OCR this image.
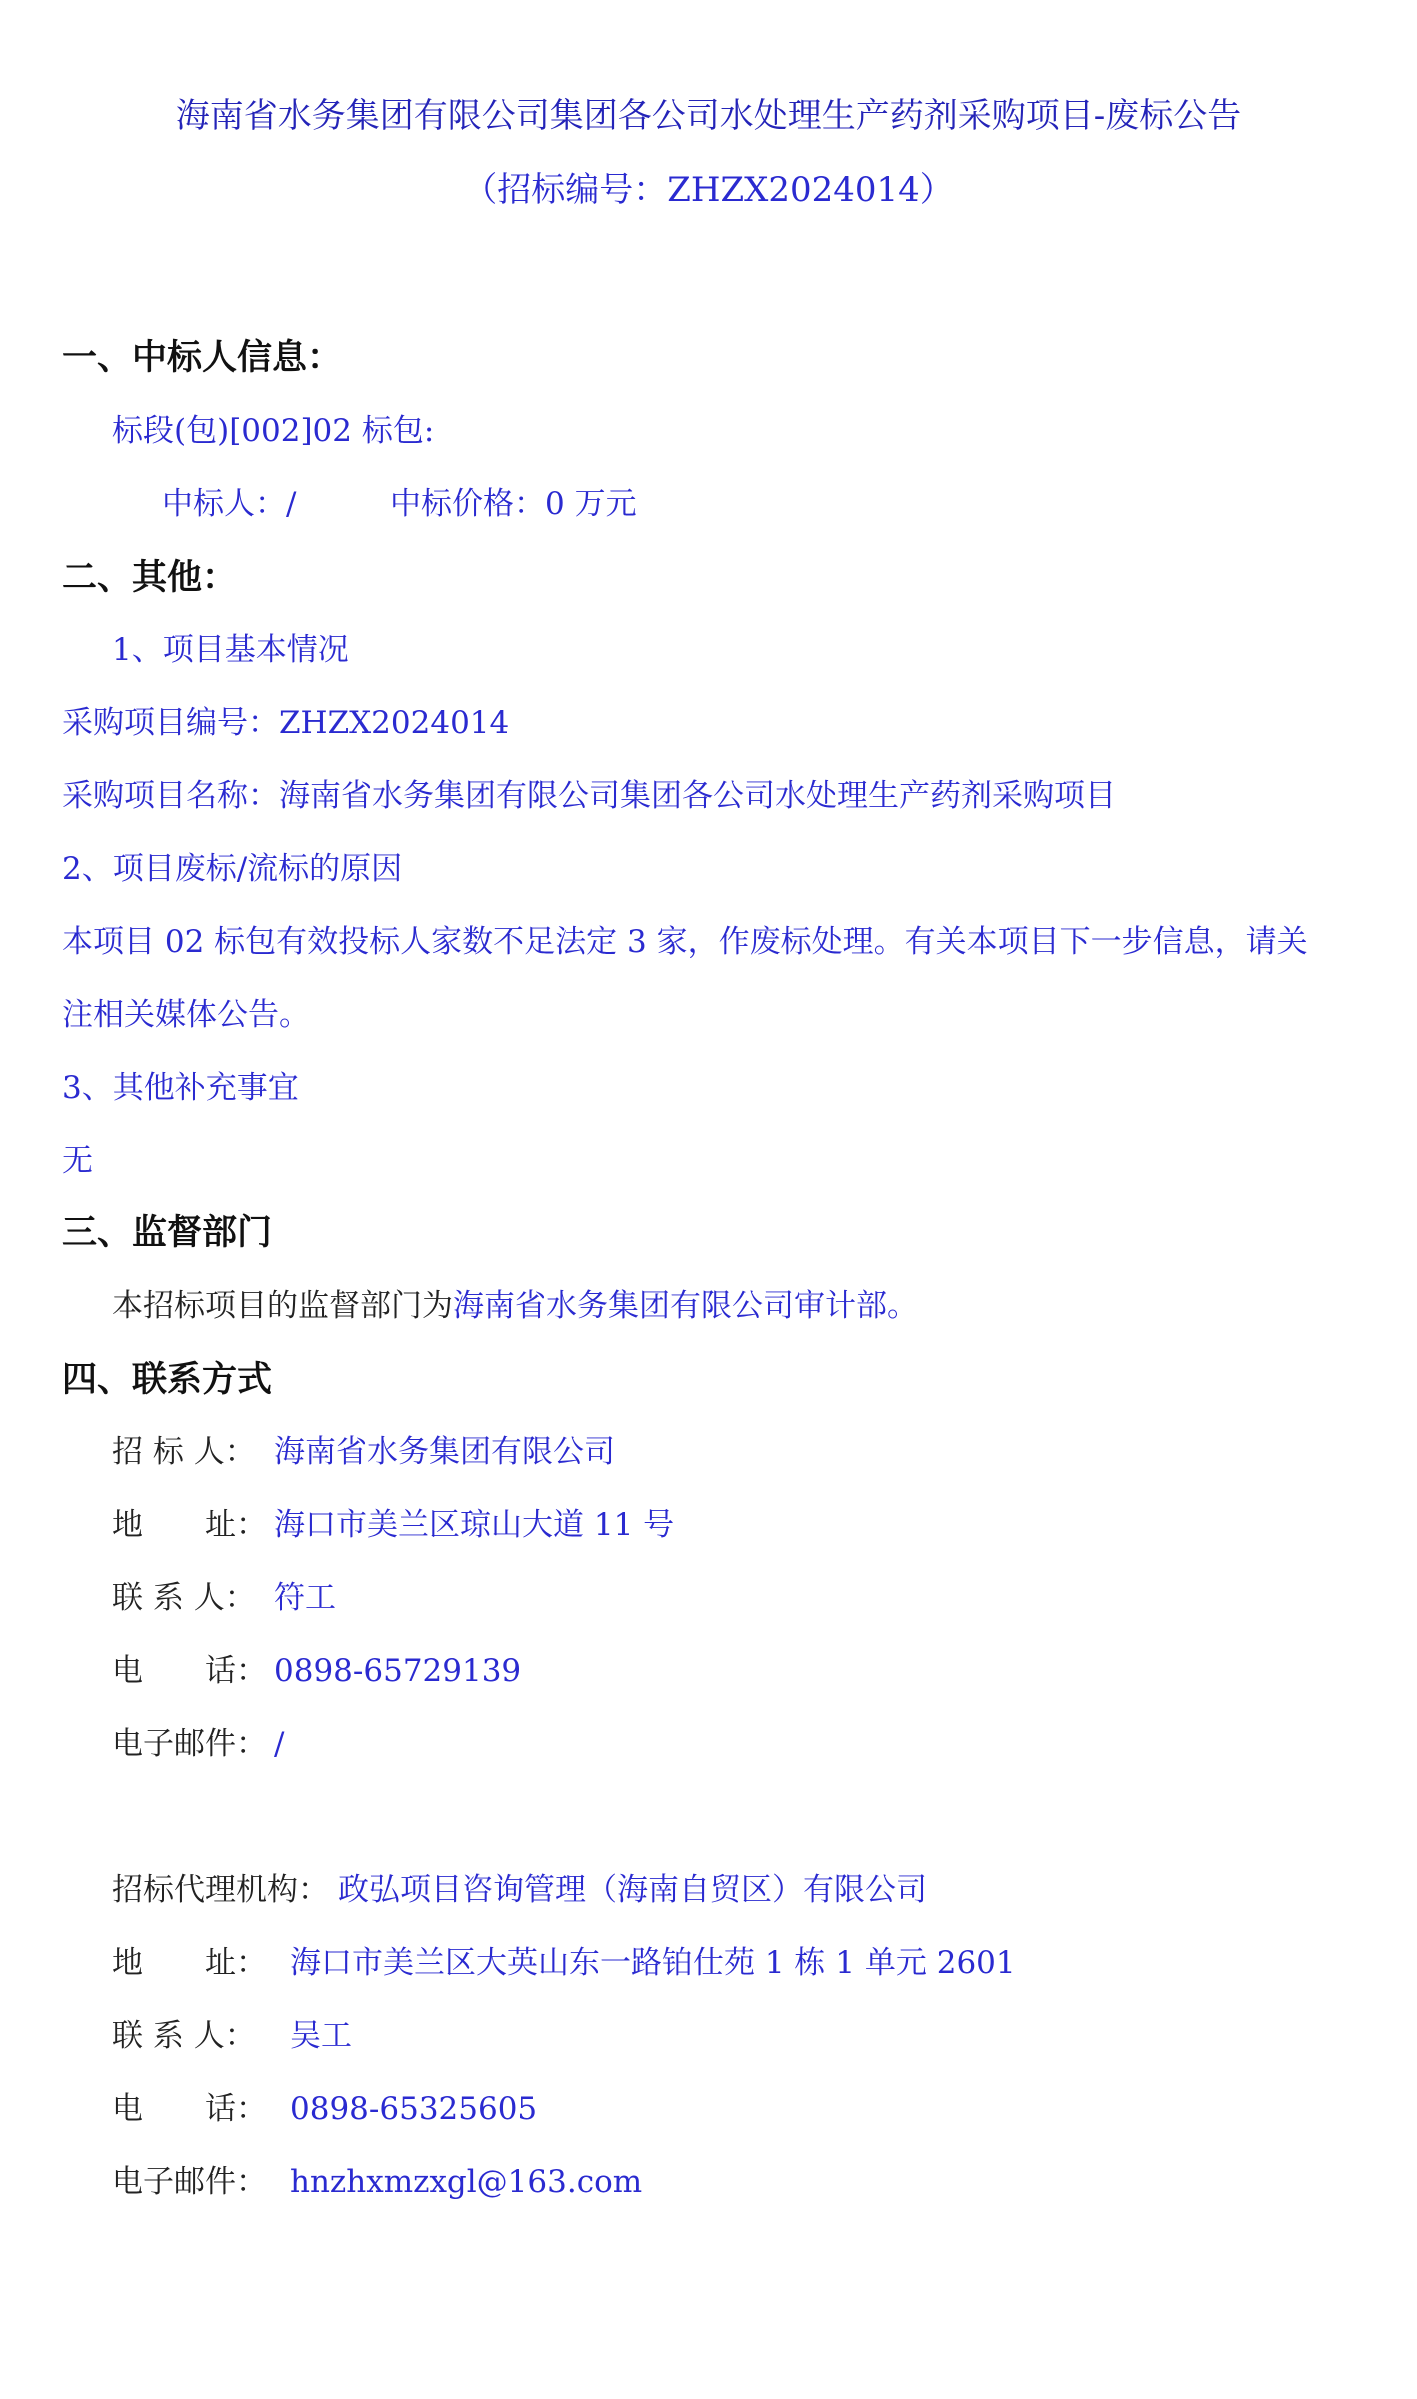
海南省水务集团有限公司集团各公司水处理生产药剂采购项目-废标公告
（招标编号：ZHZX2024014）
一、中标人信息：
标段(包)[002]02 标包:
中标人：/	中标价格：0 万元
二、其他：
1、项目基本情况
采购项目编号：ZHZX2024014
采购项目名称：海南省水务集团有限公司集团各公司水处理生产药剂采购项目
2、项目废标/流标的原因
本项目 02 标包有效投标人家数不足法定 3 家，作废标处理。有关本项目下一步信息，请关
注相关媒体公告。
3、其他补充事宜
无
三、监督部门
本招标项目的监督部门为海南省水务集团有限公司审计部。
四、联系方式
招 标 人： 海南省水务集团有限公司
地　　址： 海口市美兰区琼山大道 11 号
联 系 人： 符工
电　　话： 0898-65729139
电子邮件： /
招标代理机构： 政弘项目咨询管理（海南自贸区）有限公司
地　　址： 海口市美兰区大英山东一路铂仕苑 1 栋 1 单元 2601
联 系 人： 吴工
电　　话： 0898-65325605
电子邮件： hnzhxmzxgl@163.com
